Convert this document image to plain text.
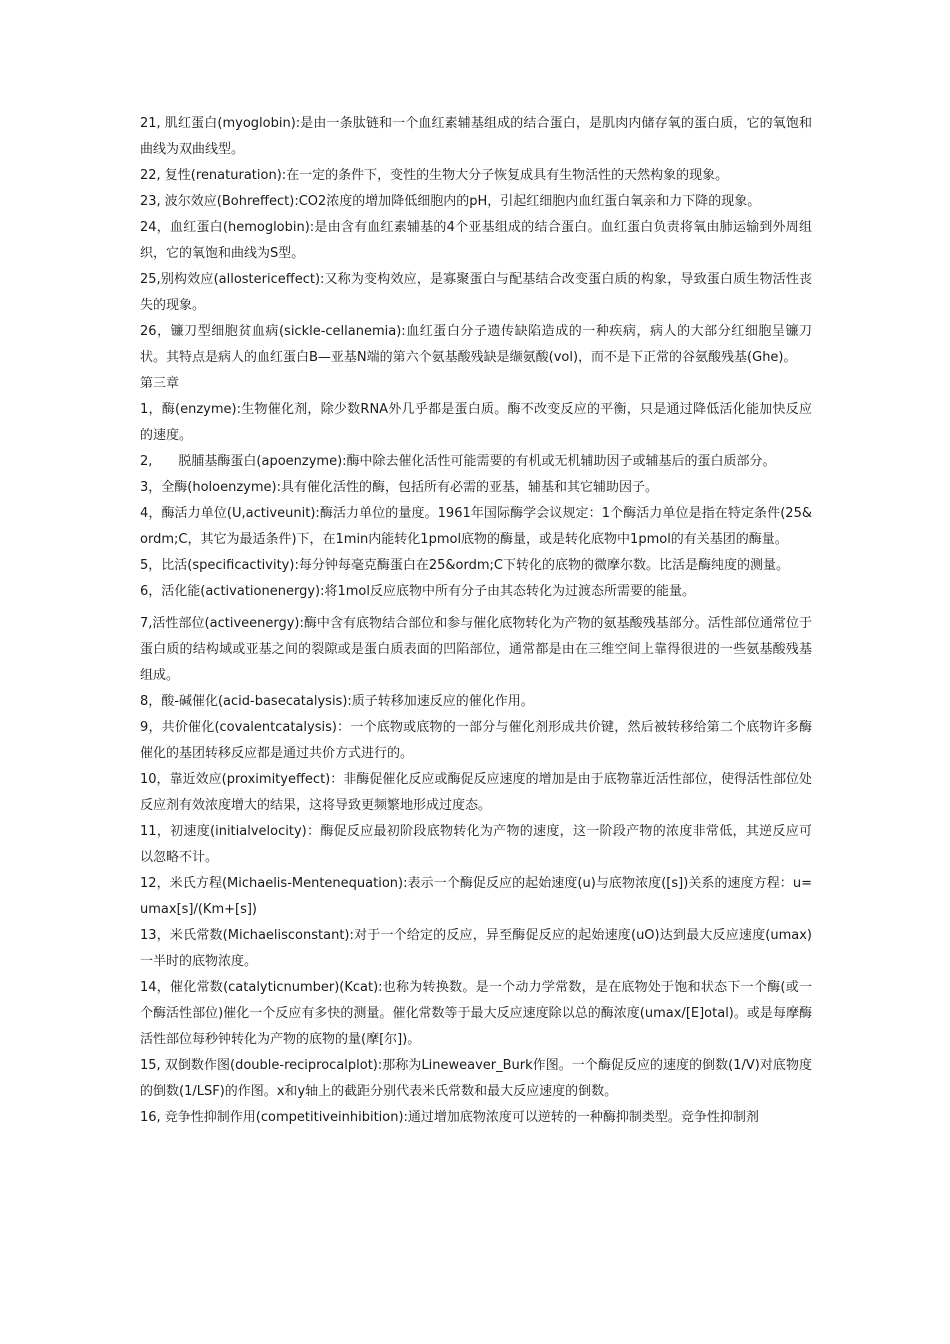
21, 肌红蛋白(myoglobin):是由一条肽链和一个血红素辅基组成的结合蛋白，是肌肉内储存氧的蛋白质，它的氧饱和曲线为双曲线型。

22, 复性(renaturation):在一定的条件下，变性的生物大分子恢复成具有生物活性的天然构象的现象。

23, 波尔效应(Bohreffect):CO2浓度的增加降低细胞内的pH，引起红细胞内血红蛋白氧亲和力下降的现象。

24，血红蛋白(hemoglobin):是由含有血红素辅基的4个亚基组成的结合蛋白。血红蛋白负责将氧由肺运输到外周组织，它的氧饱和曲线为S型。

25,别构效应(allostericeffect):又称为变构效应，是寡聚蛋白与配基结合改变蛋白质的构象，导致蛋白质生物活性丧失的现象。

26，镰刀型细胞贫血病(sickle-cellanemia):血红蛋白分子遗传缺陷造成的一种疾病，病人的大部分红细胞呈镰刀状。其特点是病人的血红蛋白B—亚基N端的第六个氨基酸残缺是缬氨酸(vol)，而不是下正常的谷氨酸残基(Ghe)。

第三章

1，酶(enzyme):生物催化剂，除少数RNA外几乎都是蛋白质。酶不改变反应的平衡，只是通过降低活化能加快反应的速度。

2,　　脱脯基酶蛋白(apoenzyme):酶中除去催化活性可能需要的有机或无机辅助因子或辅基后的蛋白质部分。

3，全酶(holoenzyme):具有催化活性的酶，包括所有必需的亚基，辅基和其它辅助因子。

4，酶活力单位(U,activeunit):酶活力单位的量度。1961年国际酶学会议规定：1个酶活力单位是指在特定条件(25&ordm;C，其它为最适条件)下，在1min内能转化1pmol底物的酶量，或是转化底物中1pmol的有关基团的酶量。

5，比活(specificactivity):每分钟每毫克酶蛋白在25&ordm;C下转化的底物的微摩尔数。比活是酶纯度的测量。

6，活化能(activationenergy):将1mol反应底物中所有分子由其态转化为过渡态所需要的能量。

7,活性部位(activeenergy):酶中含有底物结合部位和参与催化底物转化为产物的氨基酸残基部分。活性部位通常位于蛋白质的结构域或亚基之间的裂隙或是蛋白质表面的凹陷部位，通常都是由在三维空间上靠得很进的一些氨基酸残基组成。

8，酸-碱催化(acid-basecatalysis):质子转移加速反应的催化作用。

9，共价催化(covalentcatalysis)：一个底物或底物的一部分与催化剂形成共价键，然后被转移给第二个底物许多酶催化的基团转移反应都是通过共价方式进行的。

10，靠近效应(proximityeffect)：非酶促催化反应或酶促反应速度的增加是由于底物靠近活性部位，使得活性部位处反应剂有效浓度增大的结果，这将导致更频繁地形成过度态。

11，初速度(initialvelocity)：酶促反应最初阶段底物转化为产物的速度，这一阶段产物的浓度非常低，其逆反应可以忽略不计。

12，米氏方程(Michaelis-Mentenequation):表示一个酶促反应的起始速度(u)与底物浓度([s])关系的速度方程：u=umax[s]/(Km+[s])

13，米氏常数(Michaelisconstant):对于一个给定的反应，异至酶促反应的起始速度(uO)达到最大反应速度(umax)一半时的底物浓度。

14，催化常数(catalyticnumber)(Kcat):也称为转换数。是一个动力学常数，是在底物处于饱和状态下一个酶(或一个酶活性部位)催化一个反应有多快的测量。催化常数等于最大反应速度除以总的酶浓度(umax/[E]otal)。或是每摩酶活性部位每秒钟转化为产物的底物的量(摩[尔])。

15, 双倒数作图(double-reciprocalplot):那称为Lineweaver_Burk作图。一个酶促反应的速度的倒数(1/V)对底物度的倒数(1/LSF)的作图。x和y轴上的截距分别代表米氏常数和最大反应速度的倒数。

16, 竞争性抑制作用(competitiveinhibition):通过增加底物浓度可以逆转的一种酶抑制类型。竞争性抑制剂
